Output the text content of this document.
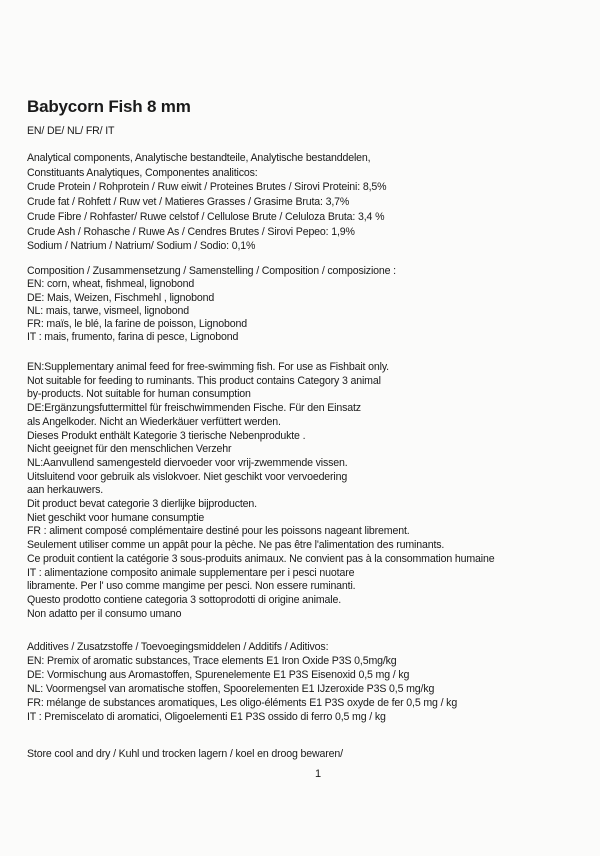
Babycorn Fish 8 mm
EN/ DE/ NL/ FR/ IT
Analytical components, Analytische bestandteile, Analytische bestanddelen,
Constituants Analytiques, Componentes analiticos:
Crude Protein / Rohprotein / Ruw eiwit / Proteines Brutes / Sirovi Proteini: 8,5%
Crude fat / Rohfett / Ruw vet / Matieres Grasses / Grasime Bruta: 3,7%
Crude Fibre / Rohfaster/ Ruwe celstof / Cellulose Brute / Celuloza Bruta: 3,4 %
Crude Ash / Rohasche / Ruwe As / Cendres Brutes / Sirovi Pepeo: 1,9%
Sodium / Natrium / Natrium/ Sodium / Sodio: 0,1%
Composition / Zusammensetzung / Samenstelling / Composition / composizione :
EN: corn, wheat, fishmeal, lignobond
DE: Mais, Weizen, Fischmehl , lignobond
NL: mais, tarwe, vismeel, lignobond
FR: maïs, le blé, la farine de poisson, Lignobond
IT : mais, frumento, farina di pesce, Lignobond
EN:Supplementary animal feed for free-swimming fish. For use as Fishbait only.
Not suitable for feeding to ruminants. This product contains Category 3 animal
by-products. Not suitable for human consumption
DE:Ergänzungsfuttermittel für freischwimmenden Fische. Für den Einsatz
als Angelkoder. Nicht an Wiederkäuer verfüttert werden.
Dieses Produkt enthält Kategorie 3 tierische Nebenprodukte .
Nicht geeignet für den menschlichen Verzehr
NL:Aanvullend samengesteld diervoeder voor vrij-zwemmende vissen.
Uitsluitend voor gebruik als vislokvoer. Niet geschikt voor vervoedering
aan herkauwers.
Dit product bevat categorie 3 dierlijke bijproducten.
Niet geschikt voor humane consumptie
FR : aliment composé complémentaire destiné pour les poissons nageant librement.
Seulement utiliser comme un appât pour la pèche. Ne pas être l'alimentation des ruminants.
Ce produit contient la catégorie 3 sous-produits animaux. Ne convient pas à la consommation humaine
IT : alimentazione composito animale supplementare per i pesci nuotare
libramente. Per l' uso comme mangime per pesci. Non essere ruminanti.
Questo prodotto contiene categoria 3 sottoprodotti di origine animale.
Non adatto per il consumo umano
Additives / Zusatzstoffe / Toevoegingsmiddelen / Additifs / Aditivos:
EN: Premix of aromatic substances, Trace elements E1 Iron Oxide P3S 0,5mg/kg
DE: Vormischung aus Aromastoffen, Spurenelemente E1 P3S Eisenoxid 0,5 mg / kg
NL: Voormengsel van aromatische stoffen, Spoorelementen E1 IJzeroxide P3S 0,5 mg/kg
FR: mélange de substances aromatiques, Les oligo-éléments E1 P3S oxyde de fer 0,5 mg / kg
IT : Premiscelato di aromatici, Oligoelementi E1 P3S ossido di ferro 0,5 mg / kg
Store cool and dry / Kuhl und trocken lagern / koel en droog bewaren/
1
